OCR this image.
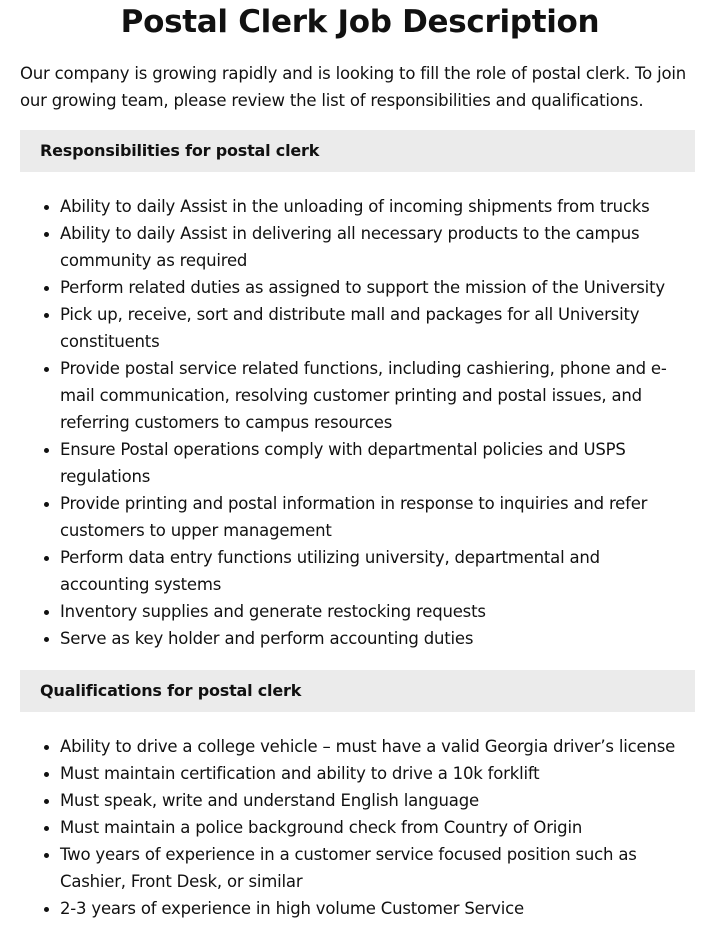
Postal Clerk Job Description

Our company is growing rapidly and is looking to fill the role of postal clerk. To join our growing team, please review the list of responsibilities and qualifications.

Responsibilities for postal clerk
Ability to daily Assist in the unloading of incoming shipments from trucks
Ability to daily Assist in delivering all necessary products to the campus community as required
Perform related duties as assigned to support the mission of the University
Pick up, receive, sort and distribute mall and packages for all University constituents
Provide postal service related functions, including cashiering, phone and e-mail communication, resolving customer printing and postal issues, and referring customers to campus resources
Ensure Postal operations comply with departmental policies and USPS regulations
Provide printing and postal information in response to inquiries and refer customers to upper management
Perform data entry functions utilizing university, departmental and accounting systems
Inventory supplies and generate restocking requests
Serve as key holder and perform accounting duties
Qualifications for postal clerk
Ability to drive a college vehicle – must have a valid Georgia driver’s license
Must maintain certification and ability to drive a 10k forklift
Must speak, write and understand English language
Must maintain a police background check from Country of Origin
Two years of experience in a customer service focused position such as Cashier, Front Desk, or similar
2-3 years of experience in high volume Customer Service
